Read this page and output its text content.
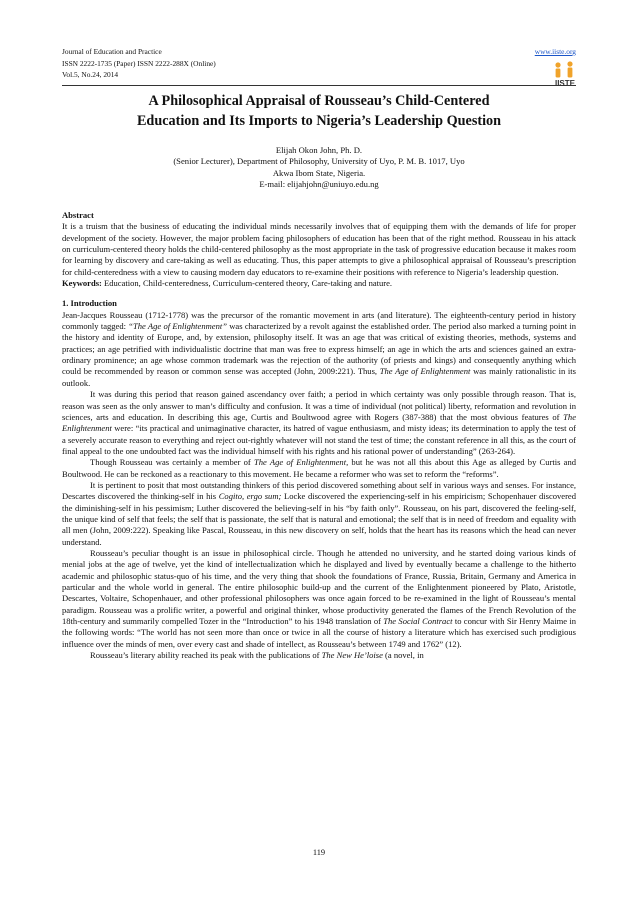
Journal of Education and Practice
ISSN 2222-1735 (Paper) ISSN 2222-288X (Online)
Vol.5, No.24, 2014
www.iiste.org
IISTE
A Philosophical Appraisal of Rousseau’s Child-Centered
Education and Its Imports to Nigeria’s Leadership Question
Elijah Okon John, Ph. D.
(Senior Lecturer), Department of Philosophy, University of Uyo, P. M. B. 1017, Uyo
Akwa Ibom State, Nigeria.
E-mail: elijahjohn@uniuyo.edu.ng
Abstract

It is a truism that the business of educating the individual minds necessarily involves that of equipping them with the demands of life for proper development of the society. However, the major problem facing philosophers of education has been that of the right method. Rousseau in his attack on curriculum-centered theory holds the child-centered philosophy as the most appropriate in the task of progressive education because it makes room for learning by discovery and care-taking as well as educating. Thus, this paper attempts to give a philosophical appraisal of Rousseau’s prescription for child-centeredness with a view to causing modern day educators to re-examine their positions with reference to Nigeria’s leadership question.

Keywords: Education, Child-centeredness, Curriculum-centered theory, Care-taking and nature.

1. Introduction

Jean-Jacques Rousseau (1712-1778) was the precursor of the romantic movement in arts (and literature). The eighteenth-century period in history commonly tagged: “The Age of Enlightenment” was characterized by a revolt against the established order. The period also marked a turning point in the history and identity of Europe, and, by extension, philosophy itself. It was an age that was critical of existing theories, methods, systems and practices; an age petrified with individualistic doctrine that man was free to express himself; an age in which the arts and sciences gained an extra-ordinary prominence; an age whose common trademark was the rejection of the authority (of priests and kings) and consequently anything which could be recommended by reason or common sense was accepted (John, 2009:221). Thus, The Age of Enlightenment was mainly rationalistic in its outlook.

It was during this period that reason gained ascendancy over faith; a period in which certainty was only possible through reason. That is, reason was seen as the only answer to man’s difficulty and confusion. It was a time of individual (not political) liberty, reformation and revolution in sciences, arts and education. In describing this age, Curtis and Boultwood agree with Rogers (387-388) that the most obvious features of The Enlightenment were: “its practical and unimaginative character, its hatred of vague enthusiasm, and misty ideas; its determination to apply the test of a severely accurate reason to everything and reject out-rightly whatever will not stand the test of time; the constant reference in all this, as the court of final appeal to the one undoubted fact was the individual himself with his rights and his rational power of understanding” (263-264).

Though Rousseau was certainly a member of The Age of Enlightenment, but he was not all this about this Age as alleged by Curtis and Boultwood. He can be reckoned as a reactionary to this movement. He became a reformer who was set to reform the “reforms”.

It is pertinent to posit that most outstanding thinkers of this period discovered something about self in various ways and senses. For instance, Descartes discovered the thinking-self in his Cogito, ergo sum; Locke discovered the experiencing-self in his empiricism; Schopenhauer discovered the diminishing-self in his pessimism; Luther discovered the believing-self in his “by faith only”. Rousseau, on his part, discovered the feeling-self, the unique kind of self that feels; the self that is passionate, the self that is natural and emotional; the self that is in need of freedom and equality with all men (John, 2009:222). Speaking like Pascal, Rousseau, in this new discovery on self, holds that the heart has its reasons which the head can never understand.

Rousseau’s peculiar thought is an issue in philosophical circle. Though he attended no university, and he started doing various kinds of menial jobs at the age of twelve, yet the kind of intellectualization which he displayed and lived by eventually became a challenge to the hitherto academic and philosophic status-quo of his time, and the very thing that shook the foundations of France, Russia, Britain, Germany and America in particular and the whole world in general. The entire philosophic build-up and the current of the Enlightenment pioneered by Plato, Aristotle, Descartes, Voltaire, Schopenhauer, and other professional philosophers was once again forced to be re-examined in the light of Rousseau’s mental paradigm. Rousseau was a prolific writer, a powerful and original thinker, whose productivity generated the flames of the French Revolution of the 18th-century and summarily compelled Tozer in the “Introduction” to his 1948 translation of The Social Contract to concur with Sir Henry Maime in the following words: “The world has not seen more than once or twice in all the course of history a literature which has exercised such prodigious influence over the minds of men, over every cast and shade of intellect, as Rousseau’s between 1749 and 1762” (12).

Rousseau’s literary ability reached its peak with the publications of The New He’loise (a novel, in

119
